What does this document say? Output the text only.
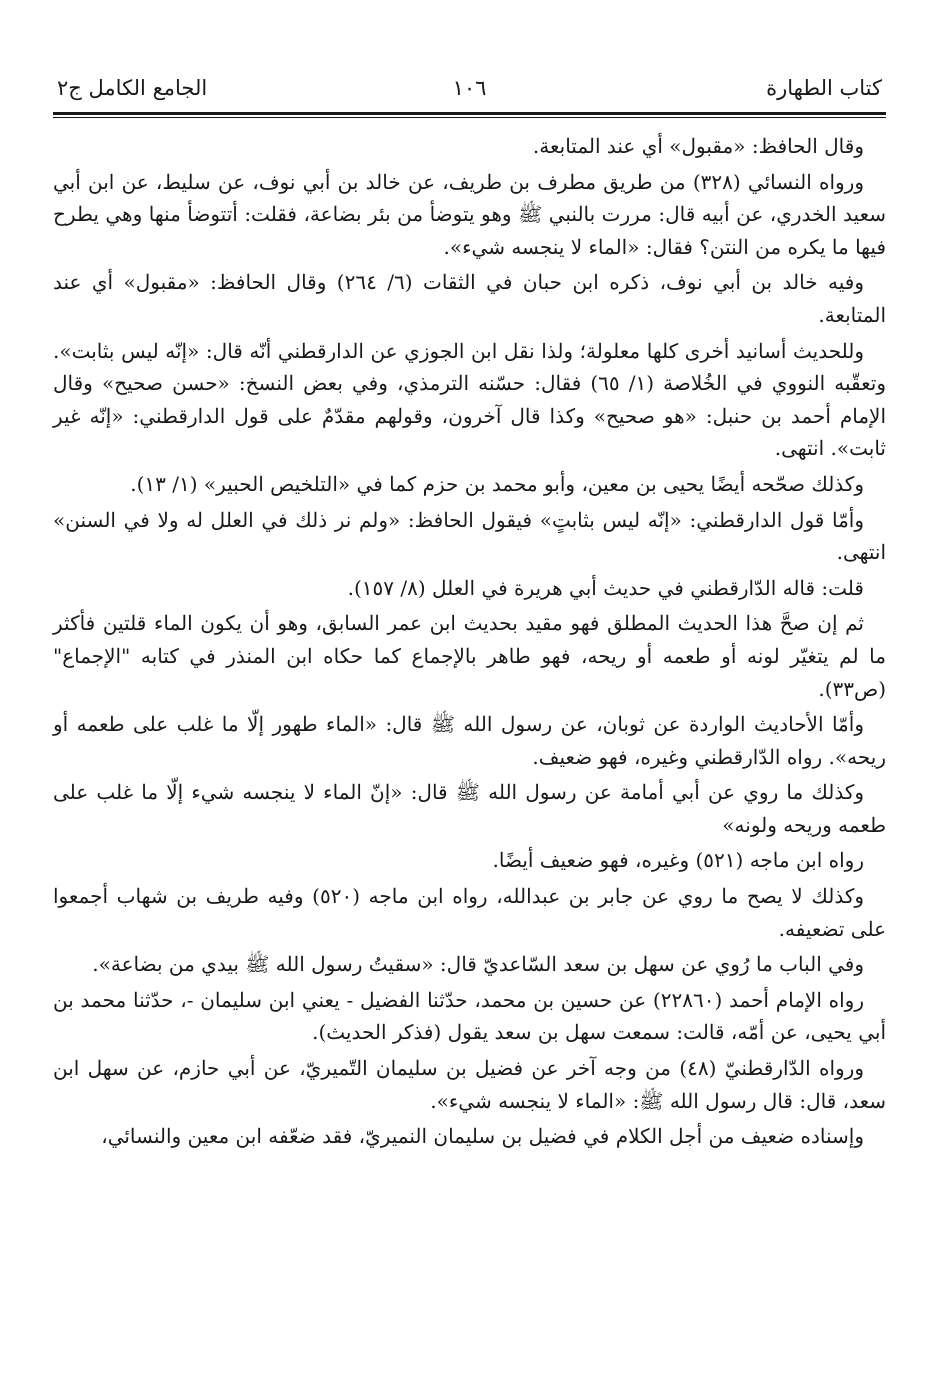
كتاب الطهارة
١٠٦
الجامع الكامل ج٢

وقال الحافظ: «مقبول» أي عند المتابعة.

ورواه النسائي (٣٢٨) من طريق مطرف بن طريف، عن خالد بن أبي نوف، عن سليط، عن ابن أبي سعيد الخدري، عن أبيه قال: مررت بالنبي ﷺ وهو يتوضأ من بئر بضاعة، فقلت: أتتوضأ منها وهي يطرح فيها ما يكره من النتن؟ فقال: «الماء لا ينجسه شيء».

وفيه خالد بن أبي نوف، ذكره ابن حبان في الثقات (٦/ ٢٦٤) وقال الحافظ: «مقبول» أي عند المتابعة.

وللحديث أسانيد أخرى كلها معلولة؛ ولذا نقل ابن الجوزي عن الدارقطني أنّه قال: «إنّه ليس بثابت». وتعقّبه النووي في الخُلاصة (١/ ٦٥) فقال: حسّنه الترمذي، وفي بعض النسخ: «حسن صحيح» وقال الإمام أحمد بن حنبل: «هو صحيح» وكذا قال آخرون، وقولهم مقدّمٌ على قول الدارقطني: «إنّه غير ثابت». انتهى.

وكذلك صحّحه أيضًا يحيى بن معين، وأبو محمد بن حزم كما في «التلخيص الحبير» (١/ ١٣).

وأمّا قول الدارقطني: «إنّه ليس بثابتٍ» فيقول الحافظ: «ولم نر ذلك في العلل له ولا في السنن» انتهى.

قلت: قاله الدّارقطني في حديث أبي هريرة في العلل (٨/ ١٥٧).

ثم إن صحَّ هذا الحديث المطلق فهو مقيد بحديث ابن عمر السابق، وهو أن يكون الماء قلتين فأكثر ما لم يتغيّر لونه أو طعمه أو ريحه، فهو طاهر بالإجماع كما حكاه ابن المنذر في كتابه "الإجماع" (ص٣٣).

وأمّا الأحاديث الواردة عن ثوبان، عن رسول الله ﷺ قال: «الماء طهور إلّا ما غلب على طعمه أو ريحه». رواه الدّارقطني وغيره، فهو ضعيف.

وكذلك ما روي عن أبي أمامة عن رسول الله ﷺ قال: «إنّ الماء لا ينجسه شيء إلّا ما غلب على طعمه وريحه ولونه»

رواه ابن ماجه (٥٢١) وغيره، فهو ضعيف أيضًا.

وكذلك لا يصح ما روي عن جابر بن عبدالله، رواه ابن ماجه (٥٢٠) وفيه طريف بن شهاب أجمعوا على تضعيفه.

وفي الباب ما رُوي عن سهل بن سعد السّاعديّ قال: «سقيتُ رسول الله ﷺ بيدي من بضاعة».

رواه الإمام أحمد (٢٢٨٦٠) عن حسين بن محمد، حدّثنا الفضيل - يعني ابن سليمان -، حدّثنا محمد بن أبي يحيى، عن أمّه، قالت: سمعت سهل بن سعد يقول (فذكر الحديث).

ورواه الدّارقطنيّ (٤٨) من وجه آخر عن فضيل بن سليمان التّميريّ، عن أبي حازم، عن سهل ابن سعد، قال: قال رسول الله ﷺ: «الماء لا ينجسه شيء».

وإسناده ضعيف من أجل الكلام في فضيل بن سليمان النميريّ، فقد ضعّفه ابن معين والنسائي،
